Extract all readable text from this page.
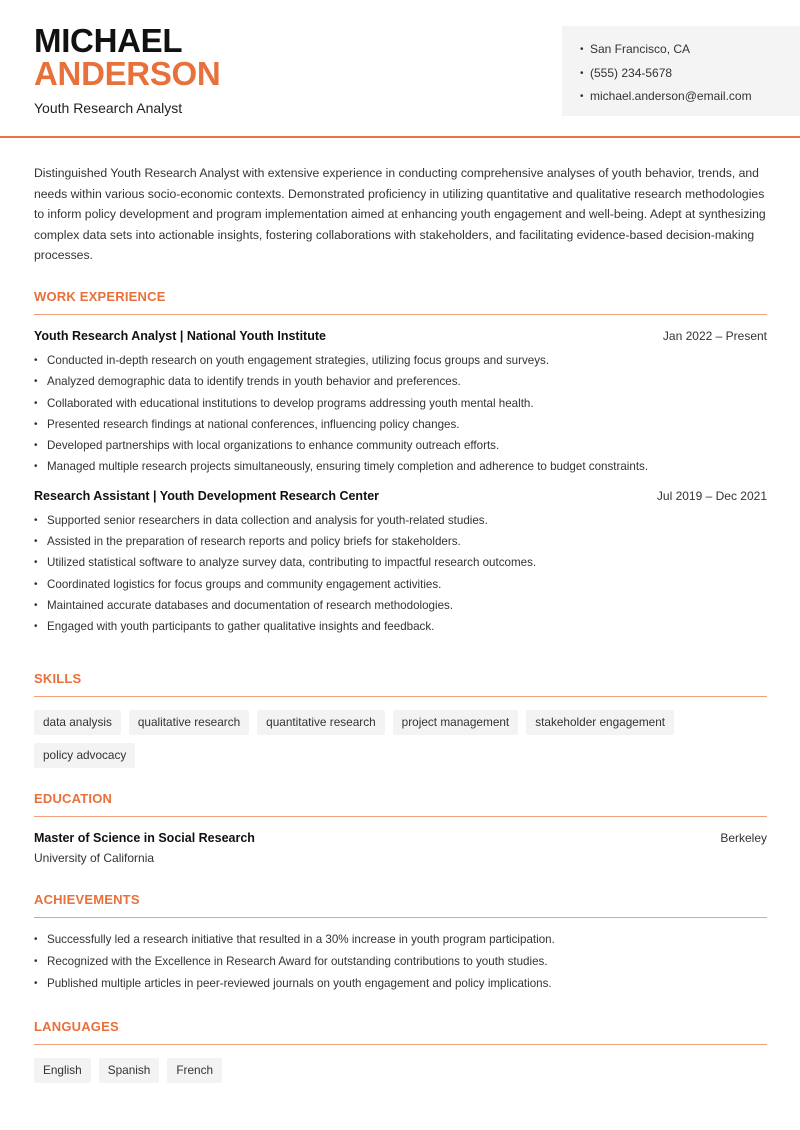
MICHAEL
ANDERSON
Youth Research Analyst
• San Francisco, CA
• (555) 234-5678
• michael.anderson@email.com

Distinguished Youth Research Analyst with extensive experience in conducting comprehensive analyses of youth behavior, trends, and needs within various socio-economic contexts. Demonstrated proficiency in utilizing quantitative and qualitative research methodologies to inform policy development and program implementation aimed at enhancing youth engagement and well-being. Adept at synthesizing complex data sets into actionable insights, fostering collaborations with stakeholders, and facilitating evidence-based decision-making processes.

WORK EXPERIENCE
Youth Research Analyst | National Youth Institute	Jan 2022 – Present
• Conducted in-depth research on youth engagement strategies, utilizing focus groups and surveys.
• Analyzed demographic data to identify trends in youth behavior and preferences.
• Collaborated with educational institutions to develop programs addressing youth mental health.
• Presented research findings at national conferences, influencing policy changes.
• Developed partnerships with local organizations to enhance community outreach efforts.
• Managed multiple research projects simultaneously, ensuring timely completion and adherence to budget constraints.
Research Assistant | Youth Development Research Center	Jul 2019 – Dec 2021
• Supported senior researchers in data collection and analysis for youth-related studies.
• Assisted in the preparation of research reports and policy briefs for stakeholders.
• Utilized statistical software to analyze survey data, contributing to impactful research outcomes.
• Coordinated logistics for focus groups and community engagement activities.
• Maintained accurate databases and documentation of research methodologies.
• Engaged with youth participants to gather qualitative insights and feedback.
SKILLS
data analysis	qualitative research	quantitative research	project management	stakeholder engagement
policy advocacy
EDUCATION
Master of Science in Social Research	Berkeley
University of California
ACHIEVEMENTS
• Successfully led a research initiative that resulted in a 30% increase in youth program participation.
• Recognized with the Excellence in Research Award for outstanding contributions to youth studies.
• Published multiple articles in peer-reviewed journals on youth engagement and policy implications.
LANGUAGES
English	Spanish	French
